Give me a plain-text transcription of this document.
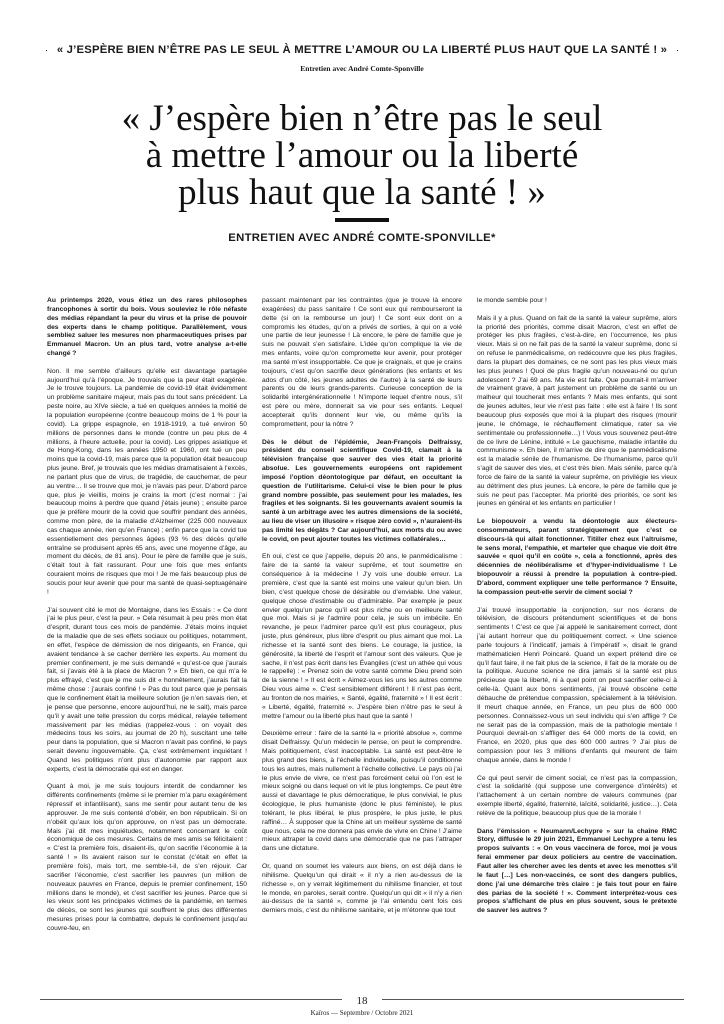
« J’ESPÈRE BIEN N’ÊTRE PAS LE SEUL À METTRE L’AMOUR OU LA LIBERTÉ PLUS HAUT QUE LA SANTÉ ! »
Entretien avec André Comte-Sponville
« J’espère bien n’être pas le seul
à mettre l’amour ou la liberté
plus haut que la santé ! »
ENTRETIEN AVEC ANDRÉ COMTE-SPONVILLE*

Au printemps 2020, vous étiez un des rares philosophes francophones à sortir du bois. Vous souleviez le rôle néfaste des médias répandant la peur du virus et la prise de pouvoir des experts dans le champ politique. Parallèlement, vous sembliez saluer les mesures non pharmaceutiques prises par Emmanuel Macron. Un an plus tard, votre analyse a-t-elle changé ?

Non. Il me semble d’ailleurs qu’elle est davantage partagée aujourd’hui qu’à l’époque. Je trouvais que la peur était exagérée. Je le trouve toujours. La pandémie de covid-19 était évidemment un problème sanitaire majeur, mais pas du tout sans précédent. La peste noire, au XIVe siècle, a tué en quelques années la moitié de la population européenne (contre beaucoup moins de 1 % pour la covid). La grippe espagnole, en 1918-1919, a tué environ 50 millions de personnes dans le monde (contre un peu plus de 4 millions, à l’heure actuelle, pour la covid). Les grippes asiatique et de Hong-Kong, dans les années 1950 et 1960, ont tué un peu moins que la covid-19, mais parce que la population était beaucoup plus jeune. Bref, je trouvais que les médias dramatisaient à l’excès, ne parlant plus que de virus, de tragédie, de cauchemar, de peur au ventre… Il se trouve que moi, je n’avais pas peur. D’abord parce que, plus je vieillis, moins je crains la mort (c’est normal : j’ai beaucoup moins à perdre que quand j’étais jeune) ; ensuite parce que je préfère mourir de la covid que souffrir pendant des années, comme mon père, de la maladie d’Alzheimer (225 000 nouveaux cas chaque année, rien qu’en France) ; enfin parce que la covid tue essentiellement des personnes âgées (93 % des décès qu’elle entraîne se produisent après 65 ans, avec une moyenne d’âge, au moment du décès, de 81 ans). Pour le père de famille que je suis, c’était tout à fait rassurant. Pour une fois que mes enfants couraient moins de risques que moi ! Je me fais beaucoup plus de soucis pour leur avenir que pour ma santé de quasi-septuagénaire !

J’ai souvent cité le mot de Montaigne, dans les Essais : « Ce dont j’ai le plus peur, c’est la peur. » Cela résumait à peu près mon état d’esprit, durant tous ces mois de pandémie. J’étais moins inquiet de la maladie que de ses effets sociaux ou politiques, notamment, en effet, l’espèce de démission de nos dirigeants, en France, qui avaient tendance à se cacher derrière les experts. Au moment du premier confinement, je me suis demandé « qu’est-ce que j’aurais fait, si j’avais été à la place de Macron ? » Eh bien, ce qui m’a le plus effrayé, c’est que je me suis dit « honnêtement, j’aurais fait la même chose : j’aurais confiné ! » Pas du tout parce que je pensais que le confinement était la meilleure solution (je n’en savais rien, et je pense que personne, encore aujourd’hui, ne le sait), mais parce qu’il y avait une telle pression du corps médical, relayée tellement massivement par les médias (rappelez-vous : on voyait des médecins tous les soirs, au journal de 20 h), suscitant une telle peur dans la population, que si Macron n’avait pas confiné, le pays serait devenu ingouvernable. Ça, c’est extrêmement inquiétant ! Quand les politiques n’ont plus d’autonomie par rapport aux experts, c’est la démocratie qui est en danger.

Quant à moi, je me suis toujours interdit de condamner les différents confinements (même si le premier m’a paru exagérément répressif et infantilisant), sans me sentir pour autant tenu de les approuver. Je me suis contenté d’obéir, en bon républicain. Si on n’obéit qu’aux lois qu’on approuve, on n’est pas un démocrate. Mais j’ai dit mes inquiétudes, notamment concernant le coût économique de ces mesures. Certains de mes amis se félicitaient : « C’est la première fois, disaient-ils, qu’on sacrifie l’économie à la santé ! » Ils avaient raison sur le constat (c’était en effet la première fois), mais tort, me semble-t-il, de s’en réjouir. Car sacrifier l’économie, c’est sacrifier les pauvres (un million de nouveaux pauvres en France, depuis le premier confinement, 150 millions dans le monde), et c’est sacrifier les jeunes. Parce que si les vieux sont les principales victimes de la pandémie, en termes de décès, ce sont les jeunes qui souffrent le plus des différentes mesures prises pour la combattre, depuis le confinement jusqu’au couvre-feu, en

passant maintenant par les contraintes (que je trouve là encore exagérées) du pass sanitaire ! Ce sont eux qui rembourseront la dette (si on la rembourse un jour) ! Ce sont eux dont on a compromis les études, qu’on a privés de sorties, à qui on a volé une partie de leur jeunesse ! Là encore, le père de famille que je suis ne pouvait s’en satisfaire. L’idée qu’on complique la vie de mes enfants, voire qu’on compromette leur avenir, pour protéger ma santé m’est insupportable. Ce que je craignais, et que je crains toujours, c’est qu’on sacrifie deux générations (les enfants et les ados d’un côté, les jeunes adultes de l’autre) à la santé de leurs parents ou de leurs grands-parents. Curieuse conception de la solidarité intergénérationnelle ! N’importe lequel d’entre nous, s’il est père ou mère, donnerait sa vie pour ses enfants. Lequel accepterait qu’ils donnent leur vie, ou même qu’ils la compromettent, pour la nôtre ?

Dès le début de l’épidémie, Jean-François Delfraissy, président du conseil scientifique Covid-19, clamait à la télévision française que sauver des vies était la priorité absolue. Les gouvernements européens ont rapidement imposé l’option déontologique par défaut, en occultant la question de l’utilitarisme. Celui-ci vise le bien pour le plus grand nombre possible, pas seulement pour les malades, les fragiles et les soignants. Si les gouvernants avaient soumis la santé à un arbitrage avec les autres dimensions de la société, au lieu de viser un illusoire « risque zéro covid », n’auraient-ils pas limité les dégâts ? Car aujourd’hui, aux morts du ou avec le covid, on peut ajouter toutes les victimes collatérales…

Eh oui, c’est ce que j’appelle, depuis 20 ans, le panmédicalisme : faire de la santé la valeur suprême, et tout soumettre en conséquence à la médecine ! J’y vois une double erreur. La première, c’est que la santé est moins une valeur qu’un bien. Un bien, c’est quelque chose de désirable ou d’enviable. Une valeur, quelque chose d’estimable ou d’admirable. Par exemple je peux envier quelqu’un parce qu’il est plus riche ou en meilleure santé que moi. Mais si je l’admire pour cela, je suis un imbécile. En revanche, je peux l’admirer parce qu’il est plus courageux, plus juste, plus généreux, plus libre d’esprit ou plus aimant que moi. La richesse et la santé sont des biens. Le courage, la justice, la générosité, la liberté de l’esprit et l’amour sont des valeurs. Que je sache, il n’est pas écrit dans les Évangiles (c’est un athée qui vous le rappelle) : « Prenez soin de votre santé comme Dieu prend soin de la sienne ! » Il est écrit « Aimez-vous les uns les autres comme Dieu vous aime ». C’est sensiblement différent ! Il n’est pas écrit, au fronton de nos mairies, « Santé, égalité, fraternité » ! Il est écrit : « Liberté, égalité, fraternité ». J’espère bien n’être pas le seul à mettre l’amour ou la liberté plus haut que la santé !

Deuxième erreur : faire de la santé la « priorité absolue », comme disait Delfraissy. Qu’un médecin le pense, on peut le comprendre. Mais politiquement, c’est inacceptable. La santé est peut-être le plus grand des biens, à l’échelle individuelle, puisqu’il conditionne tous les autres, mais nullement à l’échelle collective. Le pays où j’ai le plus envie de vivre, ce n’est pas forcément celui où l’on est le mieux soigné ou dans lequel on vit le plus longtemps. Ce peut être aussi et davantage le plus démocratique, le plus convivial, le plus écologique, le plus humaniste (donc le plus féministe), le plus tolérant, le plus libéral, le plus prospère, le plus juste, le plus raffiné… À supposer que la Chine ait un meilleur système de santé que nous, cela ne me donnera pas envie de vivre en Chine ! J’aime mieux attraper la covid dans une démocratie que ne pas l’attraper dans une dictature.

Or, quand on soumet les valeurs aux biens, on est déjà dans le nihilisme. Quelqu’un qui dirait « il n’y a rien au-dessus de la richesse », on y verrait légitimement du nihilisme financier, et tout le monde, en paroles, serait contre. Quelqu’un qui dit « il n’y a rien au-dessus de la santé », comme je l’ai entendu cent fois ces derniers mois, c’est du nihilisme sanitaire, et je m’étonne que tout

le monde semble pour !

Mais il y a plus. Quand on fait de la santé la valeur suprême, alors la priorité des priorités, comme disait Macron, c’est en effet de protéger les plus fragiles, c’est-à-dire, en l’occurrence, les plus vieux. Mais si on ne fait pas de la santé la valeur suprême, donc si on refuse le panmédicalisme, on redécouvre que les plus fragiles, dans la plupart des domaines, ce ne sont pas les plus vieux mais les plus jeunes ! Quoi de plus fragile qu’un nouveau-né ou qu’un adolescent ? J’ai 69 ans. Ma vie est faite. Que pourrait-il m’arriver de vraiment grave, à part justement un problème de santé ou un malheur qui toucherait mes enfants ? Mais mes enfants, qui sont de jeunes adultes, leur vie n’est pas faite : elle est à faire ! Ils sont beaucoup plus exposés que moi à la plupart des risques (mourir jeune, le chômage, le réchauffement climatique, rater sa vie sentimentale ou professionnelle…) ! Vous vous souvenez peut-être de ce livre de Lénine, intitulé « Le gauchisme, maladie infantile du communisme ». Eh bien, il m’arrive de dire que le panmédicalisme est la maladie sénile de l’humanisme. De l’humanisme, parce qu’il s’agit de sauver des vies, et c’est très bien. Mais sénile, parce qu’à force de faire de la santé la valeur suprême, on privilégie les vieux au détriment des plus jeunes. Là encore, le père de famille que je suis ne peut pas l’accepter. Ma priorité des priorités, ce sont les jeunes en général et les enfants en particulier !

Le biopouvoir a vendu la déontologie aux électeurs-consommateurs, parant stratégiquement que c’est ce discours-là qui allait fonctionner. Titiller chez eux l’altruisme, le sens moral, l’empathie, et marteler que chaque vie doit être sauvée « quoi qu’il en coûte », cela a fonctionné, après des décennies de néolibéralisme et d’hyper-individualisme ! Le biopouvoir a réussi à prendre la population à contre-pied. D’abord, comment expliquer une telle performance ? Ensuite, la compassion peut-elle servir de ciment social ?

J’ai trouvé insupportable la conjonction, sur nos écrans de télévision, de discours prétendument scientifiques et de bons sentiments ! C’est ce que j’ai appelé le sanitairement correct, dont j’ai autant horreur que du politiquement correct. « Une science parle toujours à l’indicatif, jamais à l’impératif », disait le grand mathématicien Henri Poincaré. Quand un expert prétend dire ce qu’il faut faire, il ne fait plus de la science, il fait de la morale ou de la politique. Aucune science ne dira jamais si la santé est plus précieuse que la liberté, ni à quel point on peut sacrifier celle-ci à celle-là. Quant aux bons sentiments, j’ai trouvé obscène cette débauche de prétendue compassion, spécialement à la télévision. Il meurt chaque année, en France, un peu plus de 600 000 personnes. Connaissez-vous un seul individu qui s’en afflige ? Ce ne serait pas de la compassion, mais de la pathologie mentale ! Pourquoi devrait-on s’affliger des 64 000 morts de la covid, en France, en 2020, plus que des 600 000 autres ? J’ai plus de compassion pour les 3 millions d’enfants qui meurent de faim chaque année, dans le monde !

Ce qui peut servir de ciment social, ce n’est pas la compassion, c’est la solidarité (qui suppose une convergence d’intérêts) et l’attachement à un certain nombre de valeurs communes (par exemple liberté, égalité, fraternité, laïcité, solidarité, justice…). Cela relève de la politique, beaucoup plus que de la morale !

Dans l’émission « Neumann/Lechypre » sur la chaîne RMC Story, diffusée le 29 juin 2021, Emmanuel Lechypre a tenu les propos suivants : « On vous vaccinera de force, moi je vous ferai emmener par deux policiers au centre de vaccination. Faut aller les chercher avec les dents et avec les menottes s’il le faut […] Les non-vaccinés, ce sont des dangers publics, donc j’ai une démarche très claire : je fais tout pour en faire des parias de la société ! ». Comment interprétez-vous ces propos s’affichant de plus en plus souvent, sous le prétexte de sauver les autres ?

18
Kaïros — Septembre / Octobre 2021
